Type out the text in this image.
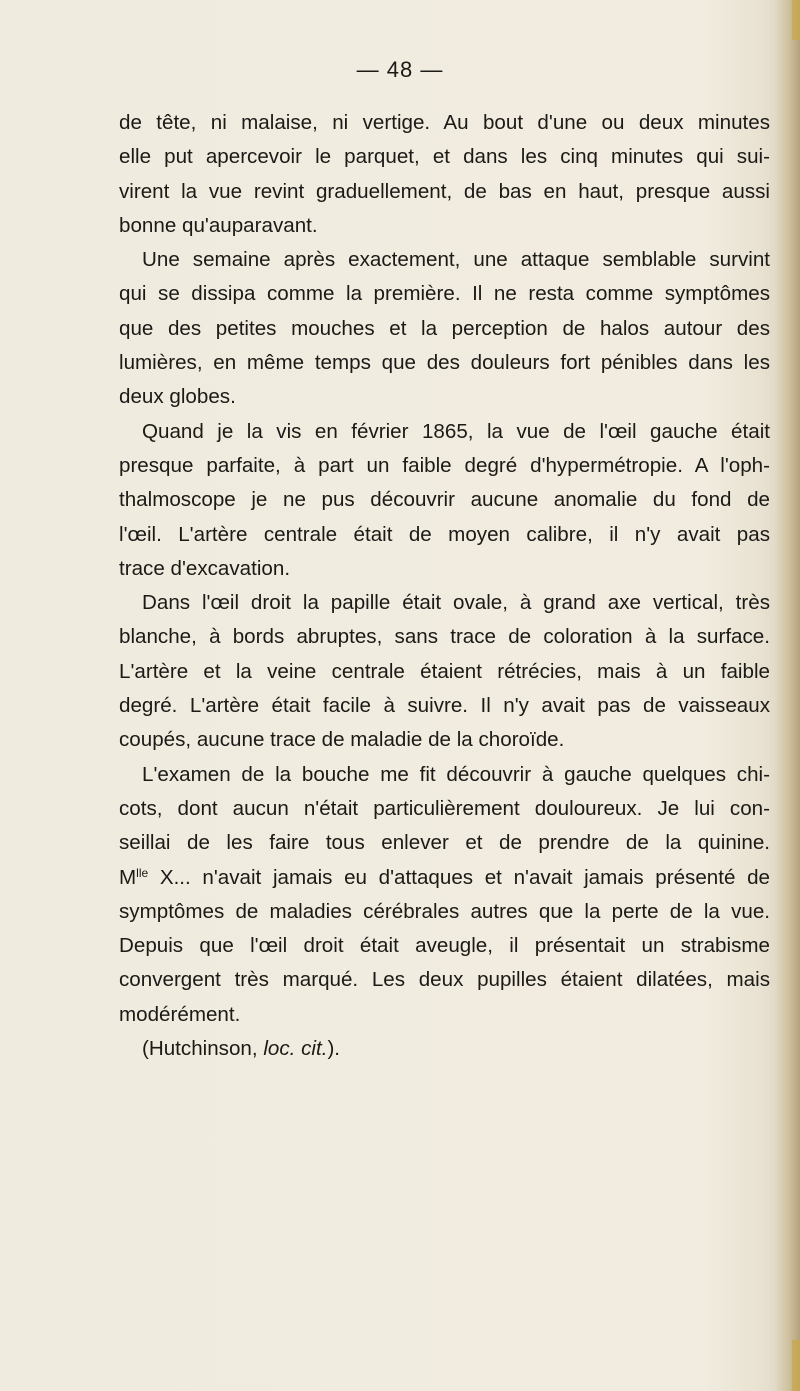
— 48 —
de tête, ni malaise, ni vertige. Au bout d'une ou deux minutes
elle put apercevoir le parquet, et dans les cinq minutes qui sui-
virent la vue revint graduellement, de bas en haut, presque aussi
bonne qu'auparavant.
Une semaine après exactement, une attaque semblable survint
qui se dissipa comme la première. Il ne resta comme symptômes
que des petites mouches et la perception de halos autour des
lumières, en même temps que des douleurs fort pénibles dans les
deux globes.
Quand je la vis en février 1865, la vue de l'œil gauche était
presque parfaite, à part un faible degré d'hypermétropie. A l'oph-
thalmoscope je ne pus découvrir aucune anomalie du fond de
l'œil. L'artère centrale était de moyen calibre, il n'y avait pas
trace d'excavation.
Dans l'œil droit la papille était ovale, à grand axe vertical, très
blanche, à bords abruptes, sans trace de coloration à la surface.
L'artère et la veine centrale étaient rétrécies, mais à un faible
degré. L'artère était facile à suivre. Il n'y avait pas de vaisseaux
coupés, aucune trace de maladie de la choroïde.
L'examen de la bouche me fit découvrir à gauche quelques chi-
cots, dont aucun n'était particulièrement douloureux. Je lui con-
seillai de les faire tous enlever et de prendre de la quinine.
$M^{lle}$ X... n'avait jamais eu d'attaques et n'avait jamais présenté de
symptômes de maladies cérébrales autres que la perte de la vue.
Depuis que l'œil droit était aveugle, il présentait un strabisme
convergent très marqué. Les deux pupilles étaient dilatées, mais
modérément.
(Hutchinson, loc. cit.).
